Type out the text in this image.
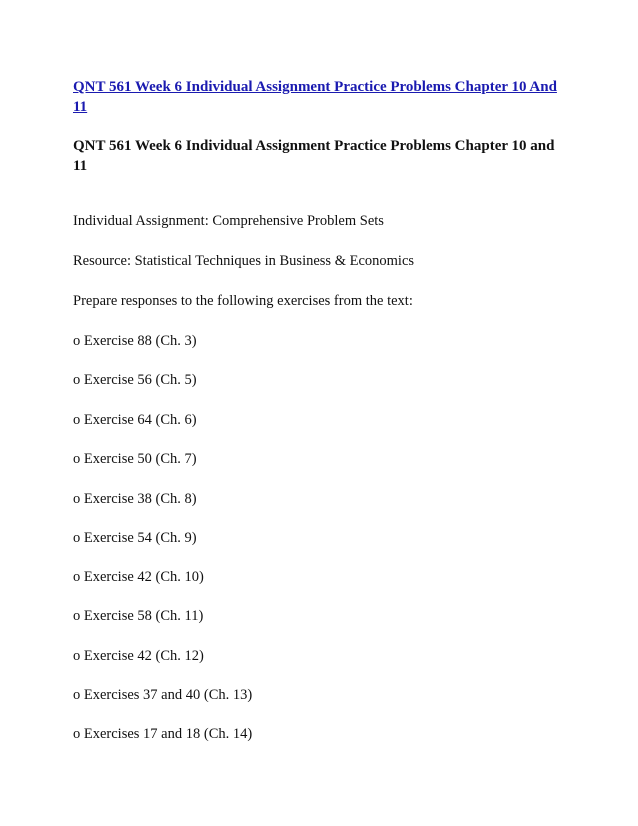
QNT 561 Week 6 Individual Assignment Practice Problems Chapter 10 And 11
QNT 561 Week 6 Individual Assignment Practice Problems Chapter 10 and 11
Individual Assignment: Comprehensive Problem Sets
Resource: Statistical Techniques in Business & Economics
Prepare responses to the following exercises from the text:
o Exercise 88 (Ch. 3)
o Exercise 56 (Ch. 5)
o Exercise 64 (Ch. 6)
o Exercise 50 (Ch. 7)
o Exercise 38 (Ch. 8)
o Exercise 54 (Ch. 9)
o Exercise 42 (Ch. 10)
o Exercise 58 (Ch. 11)
o Exercise 42 (Ch. 12)
o Exercises 37 and 40 (Ch. 13)
o Exercises 17 and 18 (Ch. 14)
